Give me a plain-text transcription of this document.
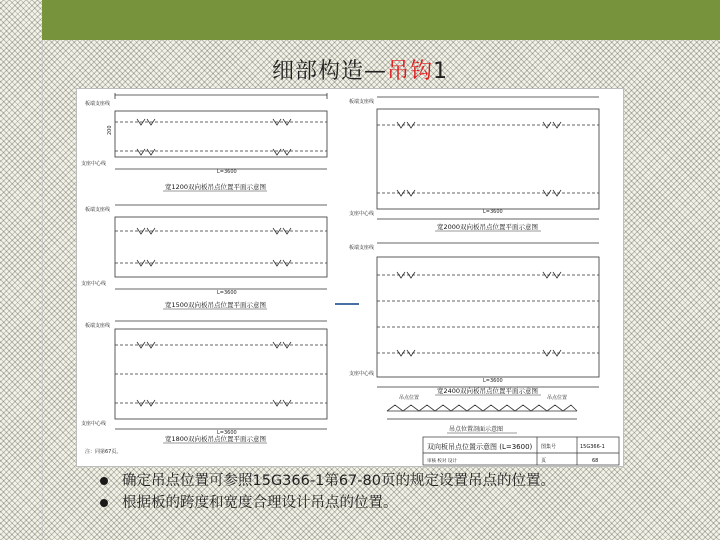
细部构造—吊钩1
200
L=3600
板端支座线
支座中心线
宽1200双向板吊点位置平面示意图
板端支座线
支座中心线
L=3600
宽1500双向板吊点位置平面示意图
板端支座线
支座中心线
L=3600
注：同第67页。
宽1800双向板吊点位置平面示意图
板端支座线
支座中心线	L=3600
宽2000双向板吊点位置平面示意图
板端支座线
支座中心线
L=3600
宽2400双向板吊点位置平面示意图
吊点位置	吊点位置
吊点位置剖面示意图
双向板吊点位置示意图 (L=3600) 图集号	15G366-1
审核 校对 设计	页	68
确定吊点位置可参照15G366-1第67-80页的规定设置吊点的位置。
根据板的跨度和宽度合理设计吊点的位置。
